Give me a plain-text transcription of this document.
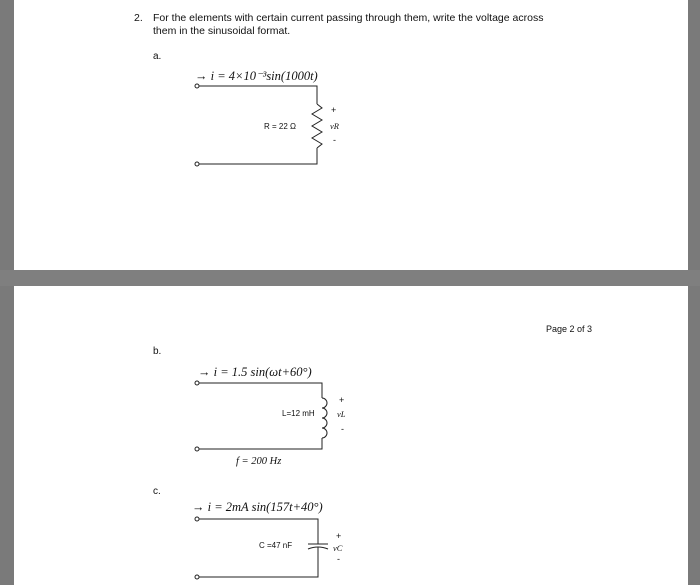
2. For the elements with certain current passing through them, write the voltage across
them in the sinusoidal format.
a.
→ i = 4×10⁻³sin(1000t)
R = 22 Ω
+
vR
-
Page 2 of 3
b.
→ i = 1.5 sin(ωt+60°)
L=12 mH
+
vL
-
f = 200 Hz
c.
→ i = 2mA sin(157t+40°)
C =47 nF
+
vC
-
